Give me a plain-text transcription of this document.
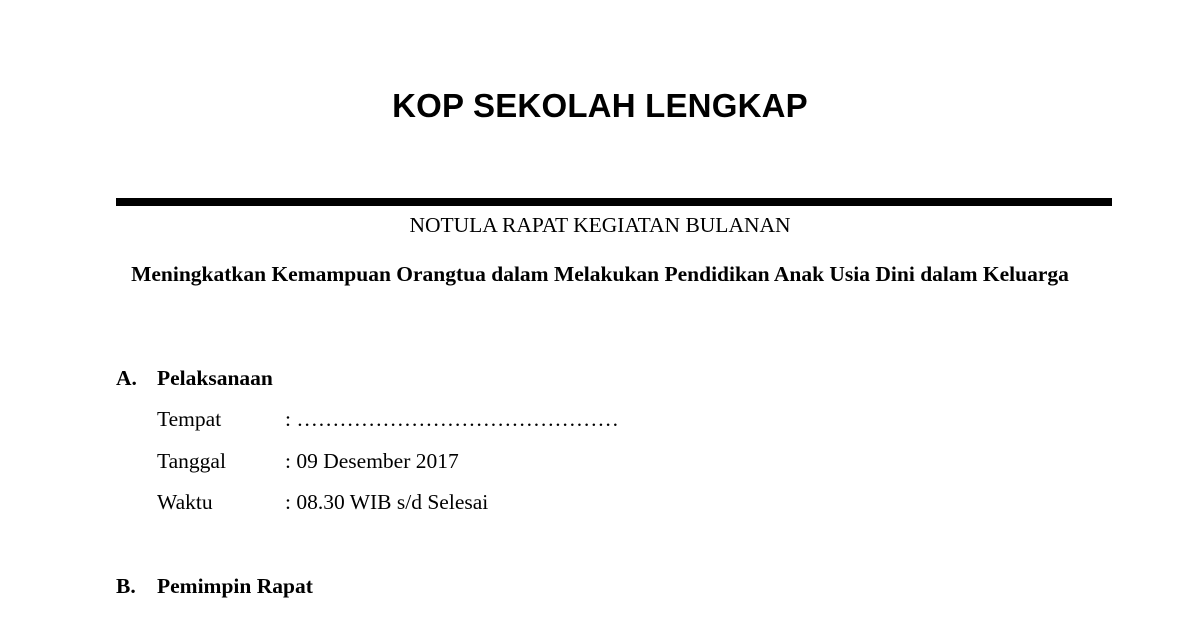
KOP SEKOLAH LENGKAP
NOTULA RAPAT KEGIATAN BULANAN
Meningkatkan Kemampuan Orangtua dalam Melakukan Pendidikan Anak Usia Dini dalam Keluarga
A. Pelaksanaan
Tempat	: ………………………………………
Tanggal	: 09 Desember 2017
Waktu	: 08.30 WIB s/d Selesai
B. Pemimpin Rapat
